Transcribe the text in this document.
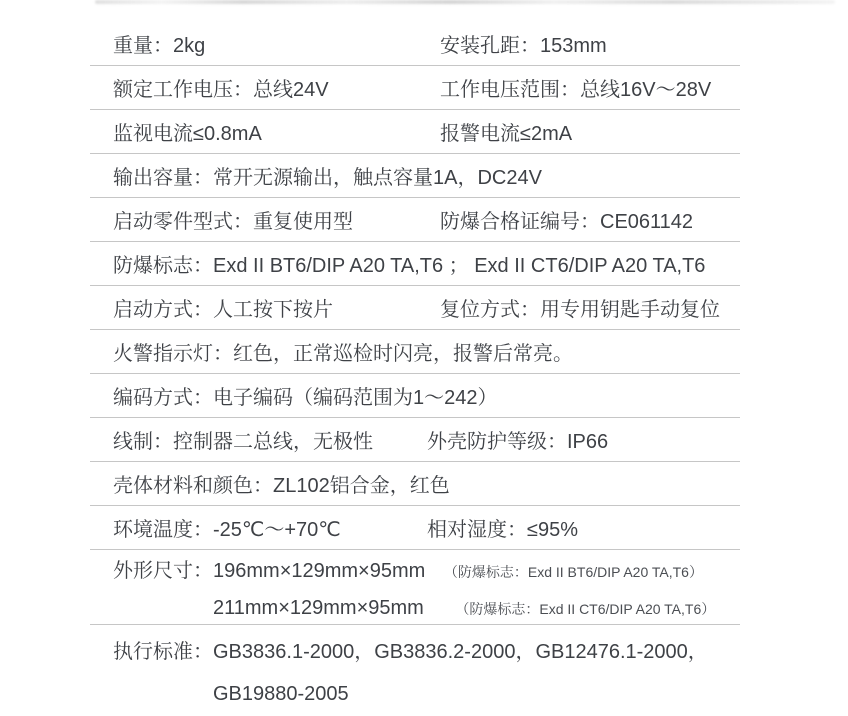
重量：2kg	安装孔距：153mm
额定工作电压：总线24V	工作电压范围：总线16V～28V
监视电流≤0.8mA	报警电流≤2mA
输出容量：常开无源输出，触点容量1A，DC24V
启动零件型式：重复使用型	防爆合格证编号：CE061142
防爆标志：Exd II BT6/DIP A20 TA,T6 ； Exd II CT6/DIP A20 TA,T6
启动方式：人工按下按片	复位方式：用专用钥匙手动复位
火警指示灯：红色，正常巡检时闪亮，报警后常亮。
编码方式：电子编码（编码范围为1～242）
线制：控制器二总线，无极性	外壳防护等级：IP66
壳体材料和颜色：ZL102铝合金，红色
环境温度：-25℃～+70℃	相对湿度：≤95%
外形尺寸： 196mm×129mm×95mm （防爆标志：Exd II BT6/DIP A20 TA,T6）
211mm×129mm×95mm （防爆标志：Exd II CT6/DIP A20 TA,T6）
执行标准：GB3836.1-2000，GB3836.2-2000，GB12476.1-2000，
GB19880-2005
